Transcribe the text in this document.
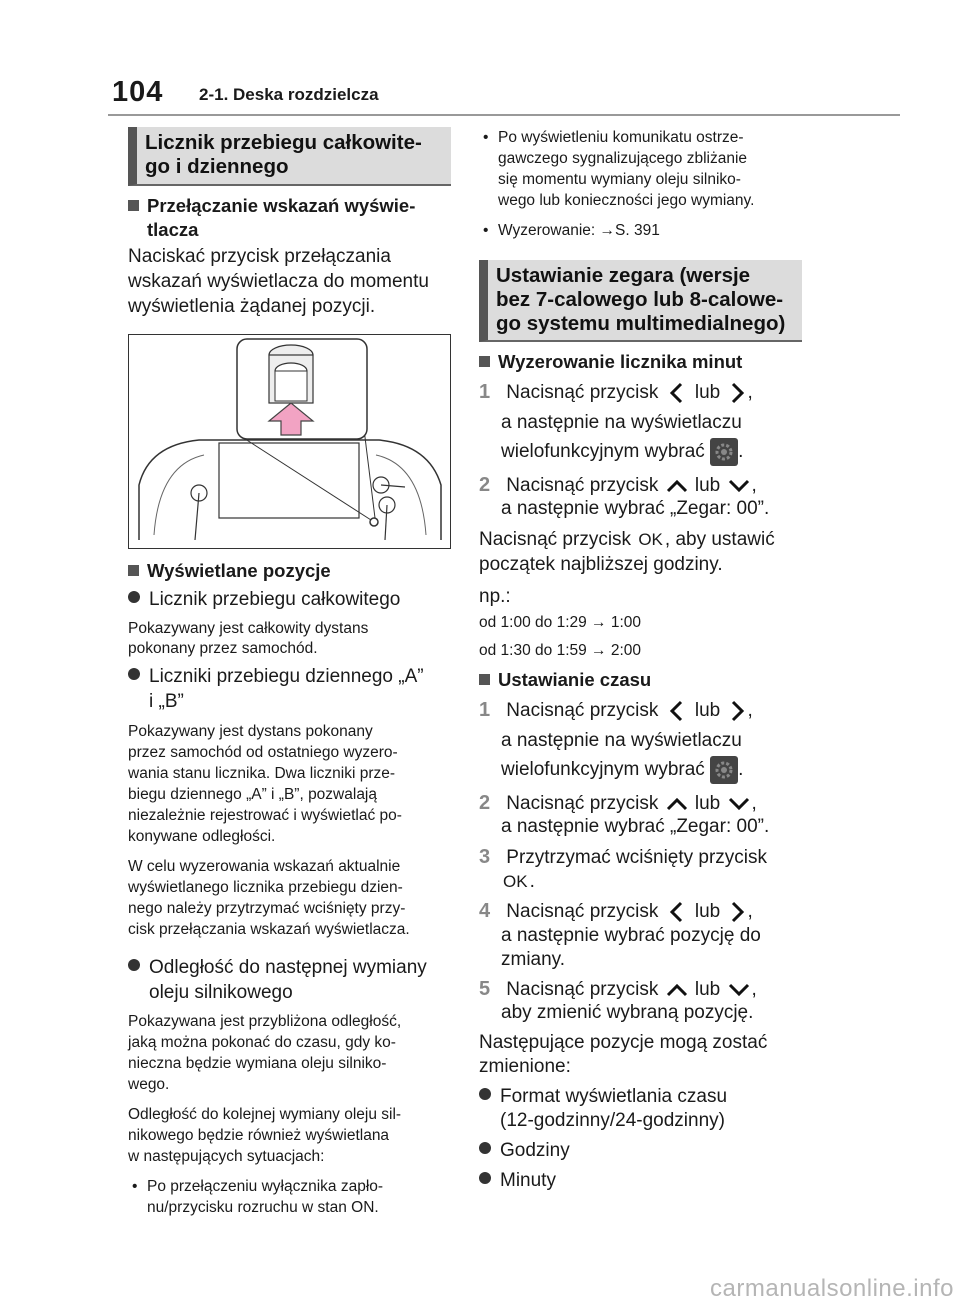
104 2-1. Deska rozdzielcza
Licznik przebiegu całkowite-
go i dziennego
Przełączanie wskazań wyświe-
tlacza
Naciskać przycisk przełączania
wskazań wyświetlacza do momentu
wyświetlenia żądanej pozycji.
Wyświetlane pozycje
Licznik przebiegu całkowitego
Pokazywany jest całkowity dystans
pokonany przez samochód.
Liczniki przebiegu dziennego „A”
i „B”
Pokazywany jest dystans pokonany
przez samochód od ostatniego wyzero-
wania stanu licznika. Dwa liczniki prze-
biegu dziennego „A” i „B”, pozwalają
niezależnie rejestrować i wyświetlać po-
konywane odległości.
W celu wyzerowania wskazań aktualnie
wyświetlanego licznika przebiegu dzien-
nego należy przytrzymać wciśnięty przy-
cisk przełączania wskazań wyświetlacza.
Odległość do następnej wymiany
oleju silnikowego
Pokazywana jest przybliżona odległość,
jaką można pokonać do czasu, gdy ko-
nieczna będzie wymiana oleju silniko-
wego.
Odległość do kolejnej wymiany oleju sil-
nikowego będzie również wyświetlana
w następujących sytuacjach:
• Po przełączeniu wyłącznika zapło-
nu/przycisku rozruchu w stan ON.
• Po wyświetleniu komunikatu ostrze-
gawczego sygnalizującego zbliżanie
się momentu wymiany oleju silniko-
wego lub konieczności jego wymiany.
• Wyzerowanie: →S. 391
Ustawianie zegara (wersje
bez 7-calowego lub 8-calowe-
go systemu multimedialnego)
Wyzerowanie licznika minut
1 Nacisnąć przycisk lub ,
a następnie na wyświetlaczu
wielofunkcyjnym wybrać .
2 Nacisnąć przycisk lub ,
a następnie wybrać „Zegar: 00”.
Nacisnąć przycisk OK , aby ustawić
początek najbliższej godziny.
np.:
od 1:00 do 1:29 → 1:00
od 1:30 do 1:59 → 2:00
Ustawianie czasu
1 Nacisnąć przycisk lub ,
a następnie na wyświetlaczu
wielofunkcyjnym wybrać .
2 Nacisnąć przycisk lub ,
a następnie wybrać „Zegar: 00”.
3 Przytrzymać wciśnięty przycisk
OK .
4 Nacisnąć przycisk lub ,
a następnie wybrać pozycję do
zmiany.
5 Nacisnąć przycisk lub ,
aby zmienić wybraną pozycję.
Następujące pozycje mogą zostać
zmienione:
Format wyświetlania czasu
(12-godzinny/24-godzinny)
Godziny
Minuty
carmanualsonline.info
